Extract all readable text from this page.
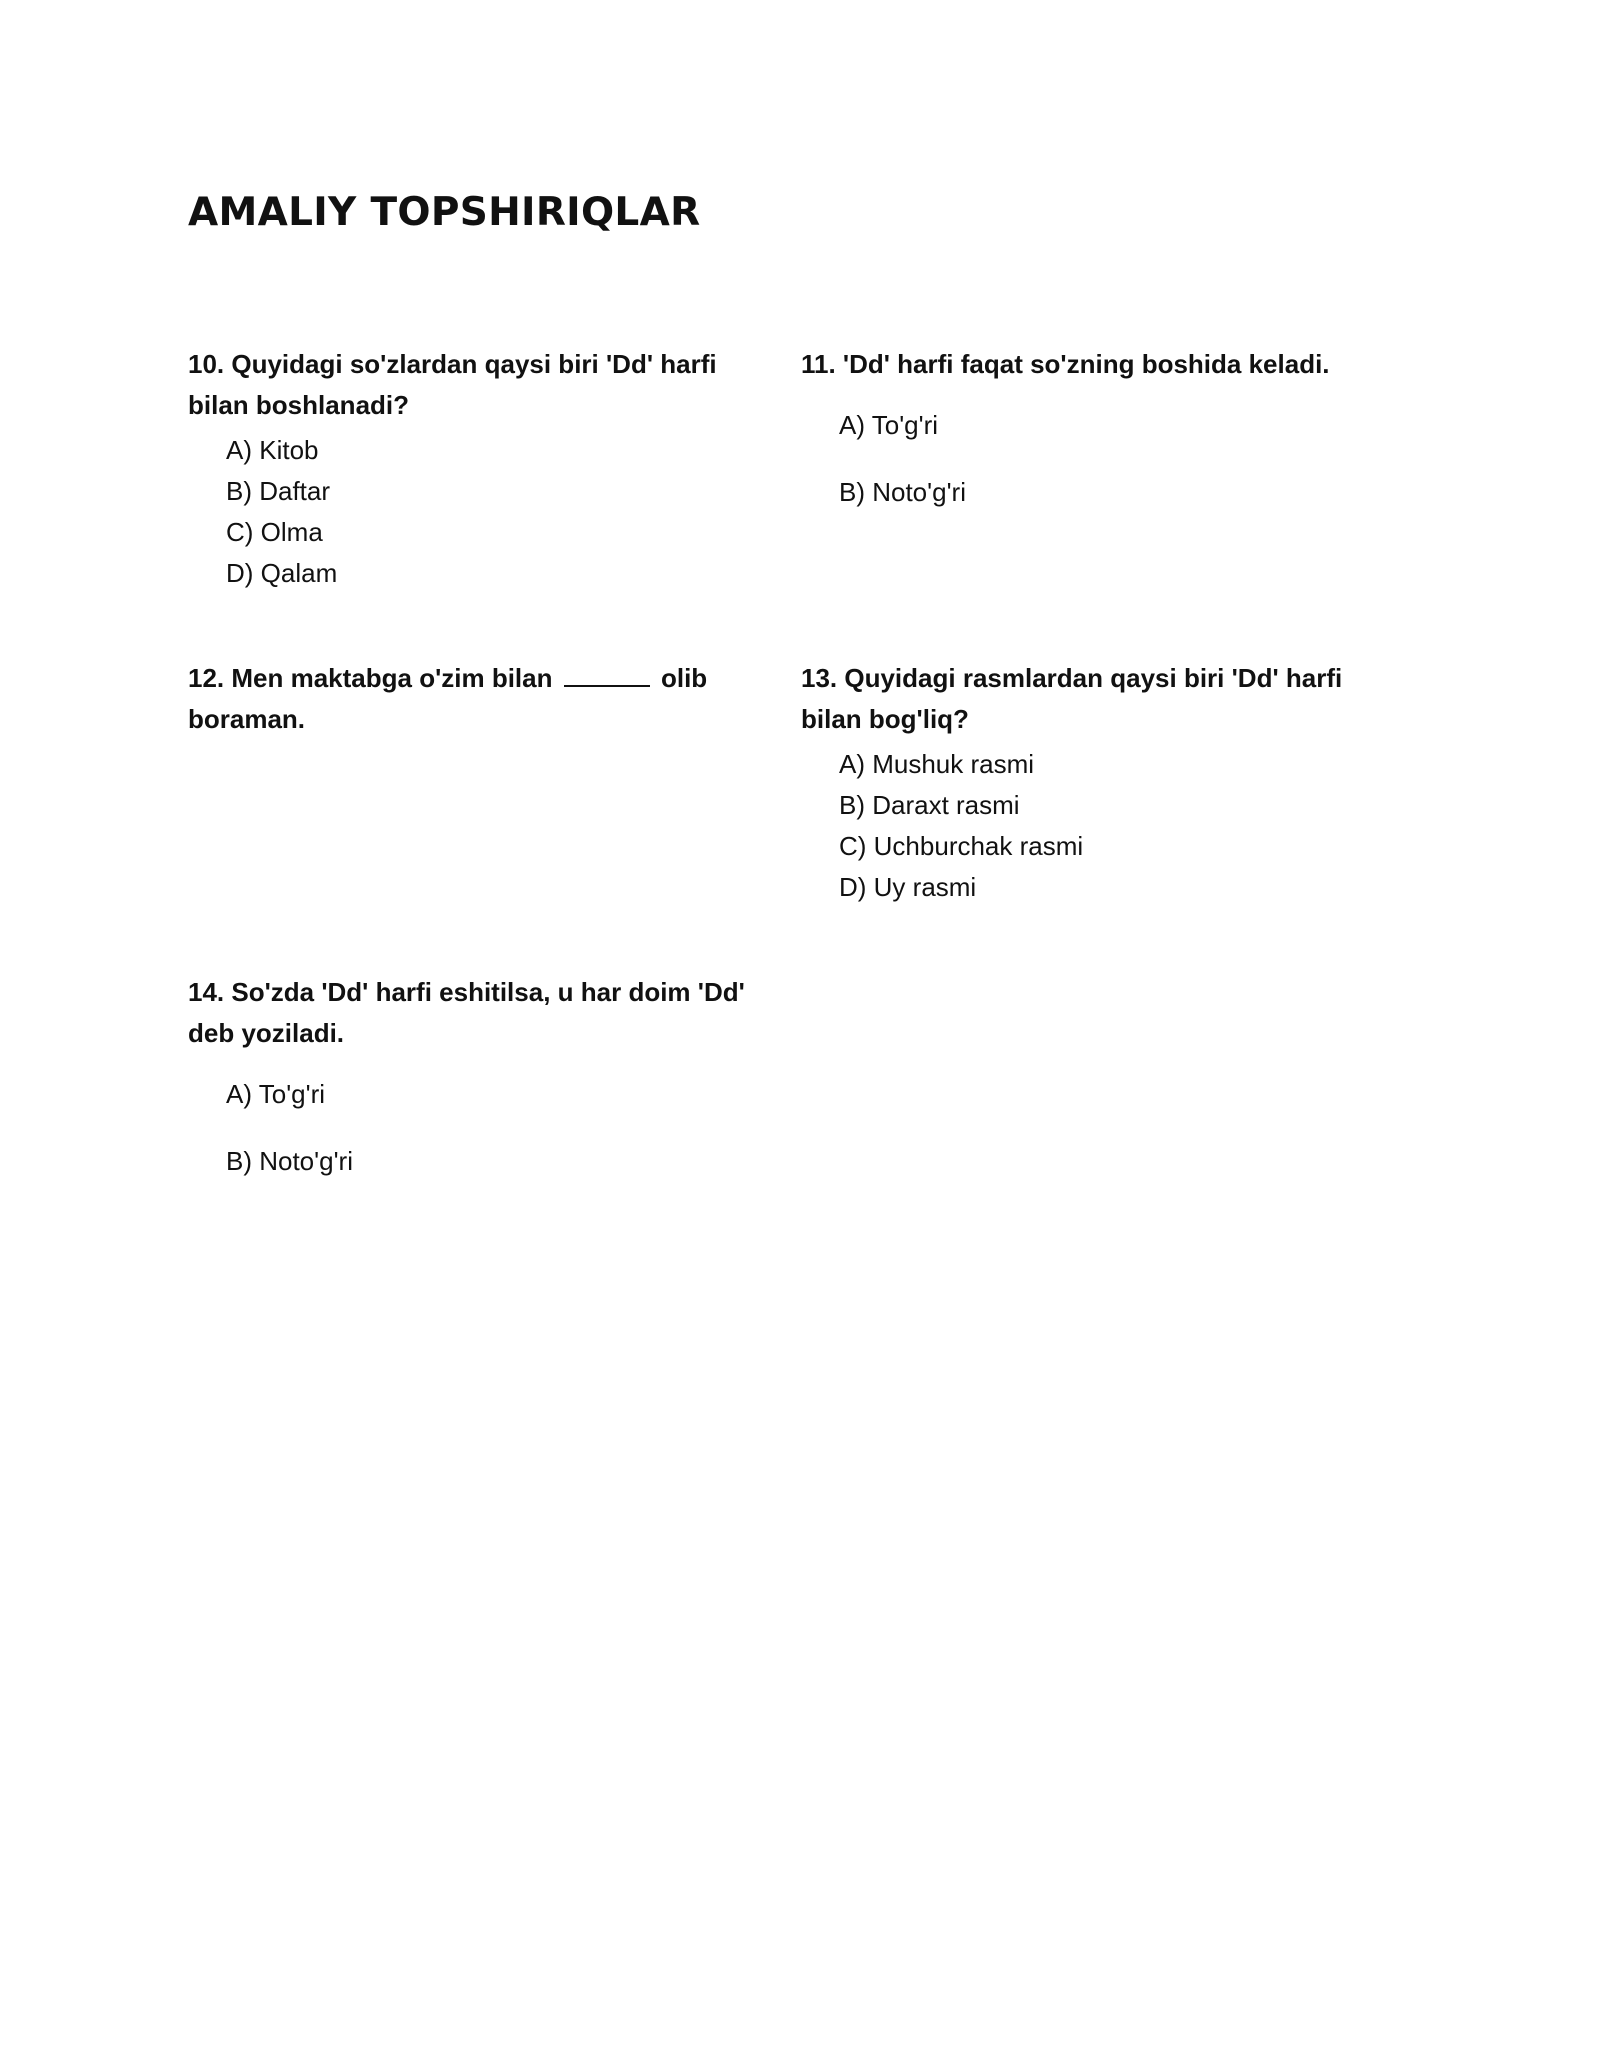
AMALIY TOPSHIRIQLAR
10. Quyidagi so'zlardan qaysi biri 'Dd' harfi bilan boshlanadi?
A) Kitob
B) Daftar
C) Olma
D) Qalam
11. 'Dd' harfi faqat so'zning boshida keladi.
A) To'g'ri
B) Noto'g'ri
12. Men maktabga o'zim bilan	olib boraman.
13. Quyidagi rasmlardan qaysi biri 'Dd' harfi bilan bog'liq?
A) Mushuk rasmi
B) Daraxt rasmi
C) Uchburchak rasmi
D) Uy rasmi
14. So'zda 'Dd' harfi eshitilsa, u har doim 'Dd' deb yoziladi.
A) To'g'ri
B) Noto'g'ri
